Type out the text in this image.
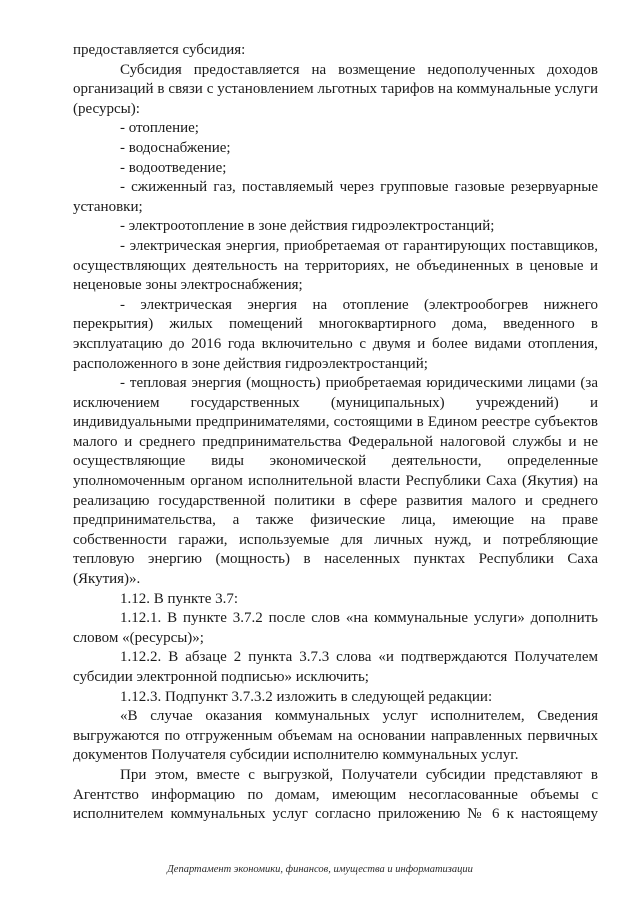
предоставляется субсидия:

Субсидия предоставляется на возмещение недополученных доходов организаций в связи с установлением льготных тарифов на коммунальные услуги (ресурсы):

- отопление;

- водоснабжение;

- водоотведение;

- сжиженный газ, поставляемый через групповые газовые резервуарные установки;

- электроотопление в зоне действия гидроэлектростанций;

- электрическая энергия, приобретаемая от гарантирующих поставщиков, осуществляющих деятельность на территориях, не объединенных в ценовые и неценовые зоны электроснабжения;

- электрическая энергия на отопление (электрообогрев нижнего перекрытия) жилых помещений многоквартирного дома, введенного в эксплуатацию до 2016 года включительно с двумя и более видами отопления, расположенного в зоне действия гидроэлектростанций;

- тепловая энергия (мощность) приобретаемая юридическими лицами (за исключением государственных (муниципальных) учреждений) и индивидуальными предпринимателями, состоящими в Едином реестре субъектов малого и среднего предпринимательства Федеральной налоговой службы и не осуществляющие виды экономической деятельности, определенные уполномоченным органом исполнительной власти Республики Саха (Якутия) на реализацию государственной политики в сфере развития малого и среднего предпринимательства, а также физические лица, имеющие на праве собственности гаражи, используемые для личных нужд, и потребляющие тепловую энергию (мощность) в населенных пунктах Республики Саха (Якутия)».

1.12. В пункте 3.7:

1.12.1. В пункте 3.7.2 после слов «на коммунальные услуги» дополнить словом «(ресурсы)»;

1.12.2. В абзаце 2 пункта 3.7.3 слова «и подтверждаются Получателем субсидии электронной подписью» исключить;

1.12.3. Подпункт 3.7.3.2 изложить в следующей редакции:

«В случае оказания коммунальных услуг исполнителем, Сведения выгружаются по отгруженным объемам на основании направленных первичных документов Получателя субсидии исполнителю коммунальных услуг.

При этом, вместе с выгрузкой, Получатели субсидии представляют в Агентство информацию по домам, имеющим несогласованные объемы с исполнителем коммунальных услуг согласно приложению № 6 к настоящему

Департамент экономики, финансов, имущества и информатизации
